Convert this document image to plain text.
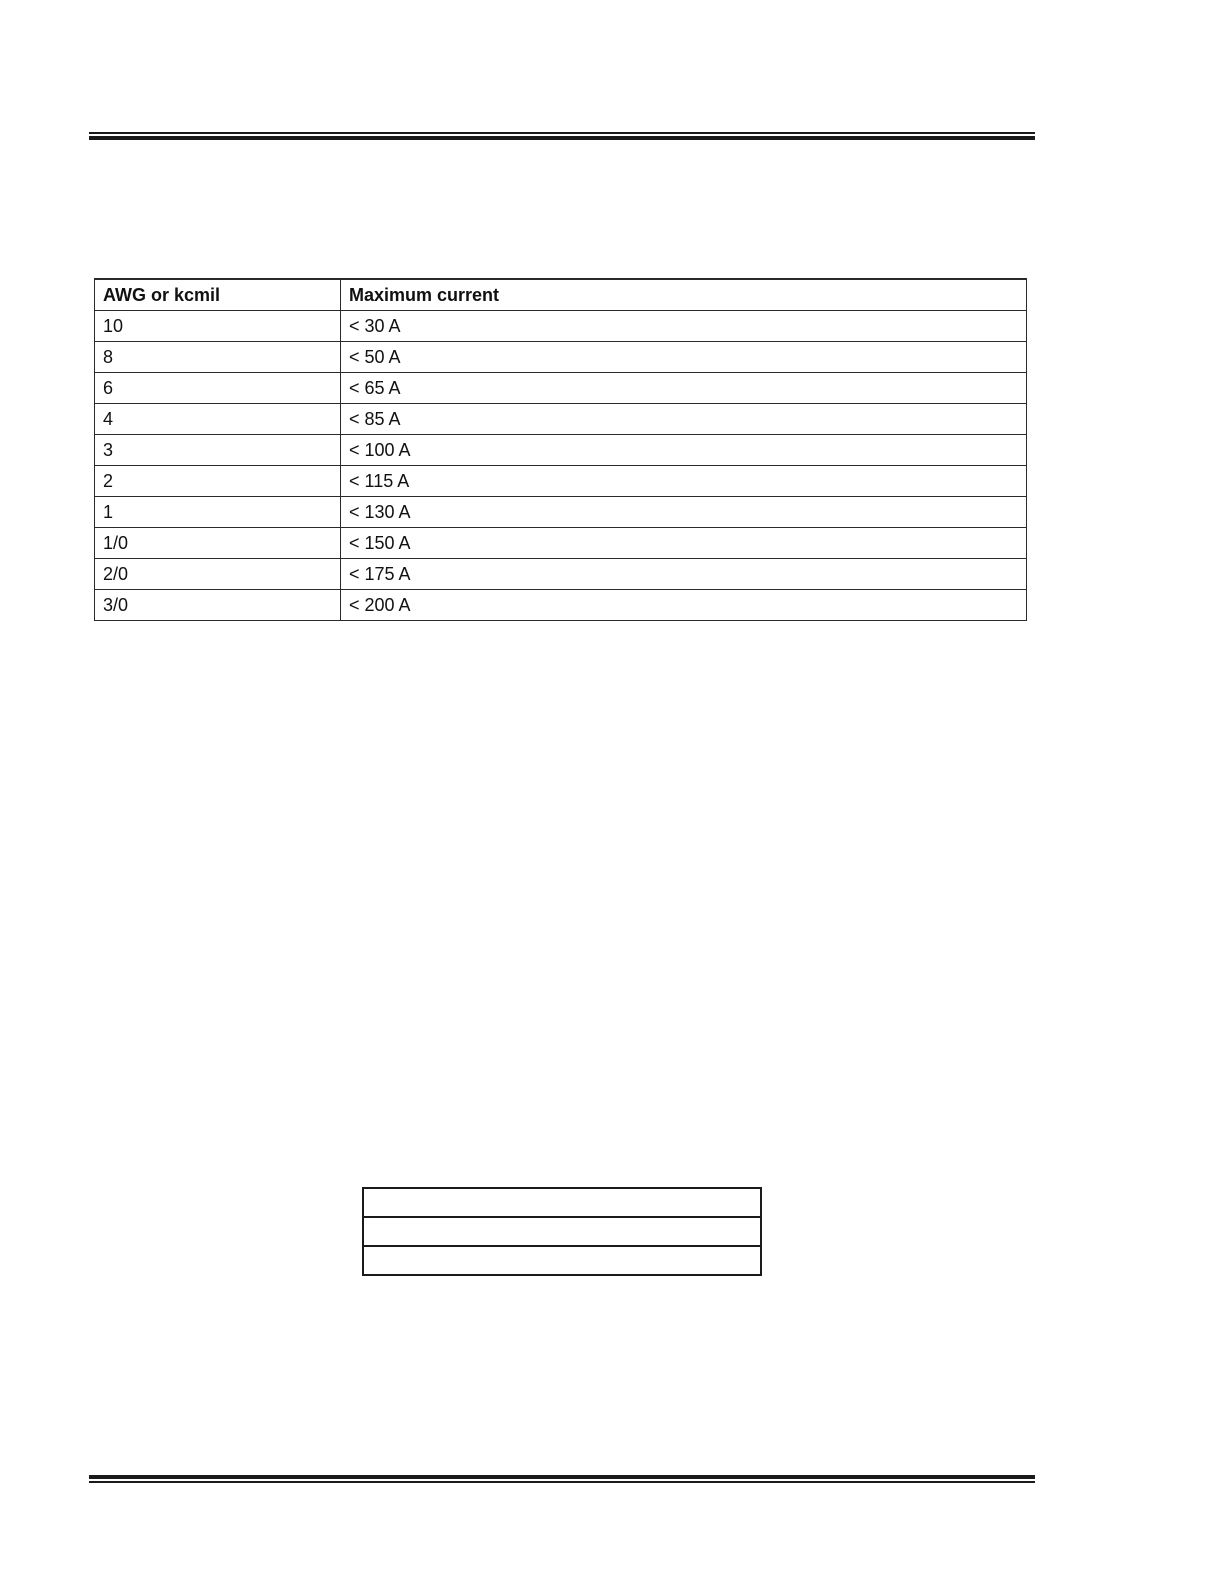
AWG or kcmil	Maximum current
10	< 30 A
8	< 50 A
6	< 65 A
4	< 85 A
3	< 100 A
2	< 115 A
1	< 130 A
1/0	< 150 A
2/0	< 175 A
3/0	< 200 A
